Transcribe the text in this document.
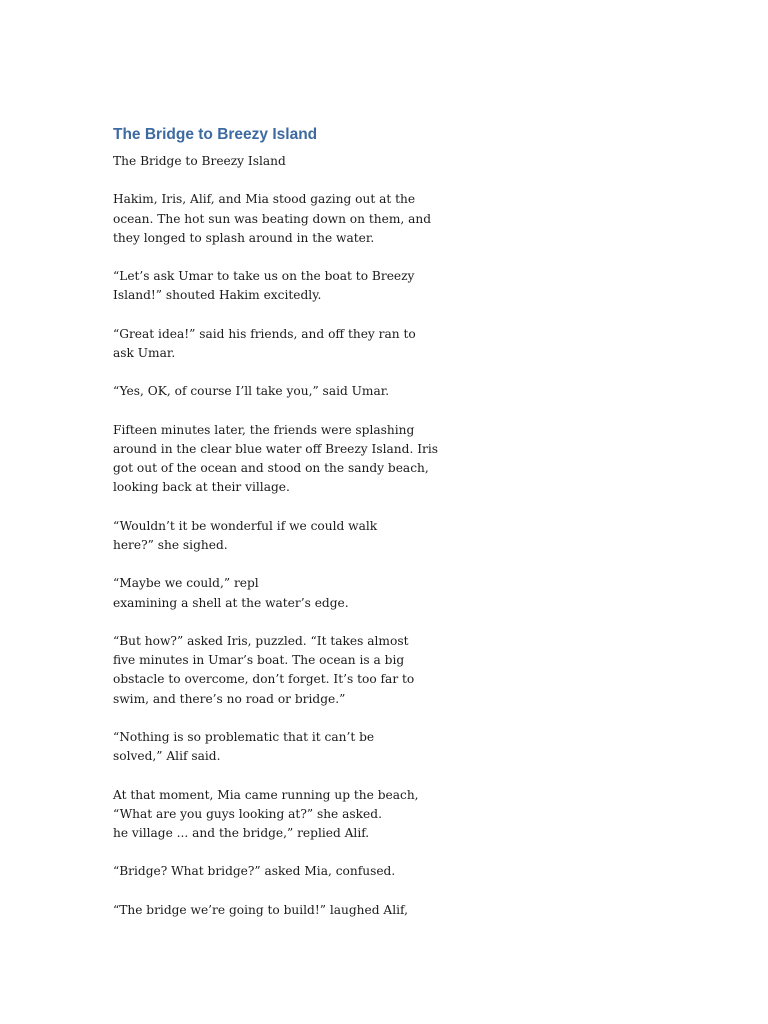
The Bridge to Breezy Island

The Bridge to Breezy Island

Hakim, Iris, Alif, and Mia stood gazing out at the
ocean. The hot sun was beating down on them, and
they longed to splash around in the water.

“Let’s ask Umar to take us on the boat to Breezy
Island!” shouted Hakim excitedly.

“Great idea!” said his friends, and off they ran to
ask Umar.

“Yes, OK, of course I’ll take you,” said Umar.

Fifteen minutes later, the friends were splashing
around in the clear blue water off Breezy Island. Iris
got out of the ocean and stood on the sandy beach,
looking back at their village.

“Wouldn’t it be wonderful if we could walk
here?” she sighed.

“Maybe we could,” repl
examining a shell at the water’s edge.

“But how?” asked Iris, puzzled. “It takes almost
five minutes in Umar’s boat. The ocean is a big
obstacle to overcome, don’t forget. It’s too far to
swim, and there’s no road or bridge.”

“Nothing is so problematic that it can’t be
solved,” Alif said.

At that moment, Mia came running up the beach,
“What are you guys looking at?” she asked.
he village ... and the bridge,” replied Alif.

“Bridge? What bridge?” asked Mia, confused.

“The bridge we’re going to build!” laughed Alif,
